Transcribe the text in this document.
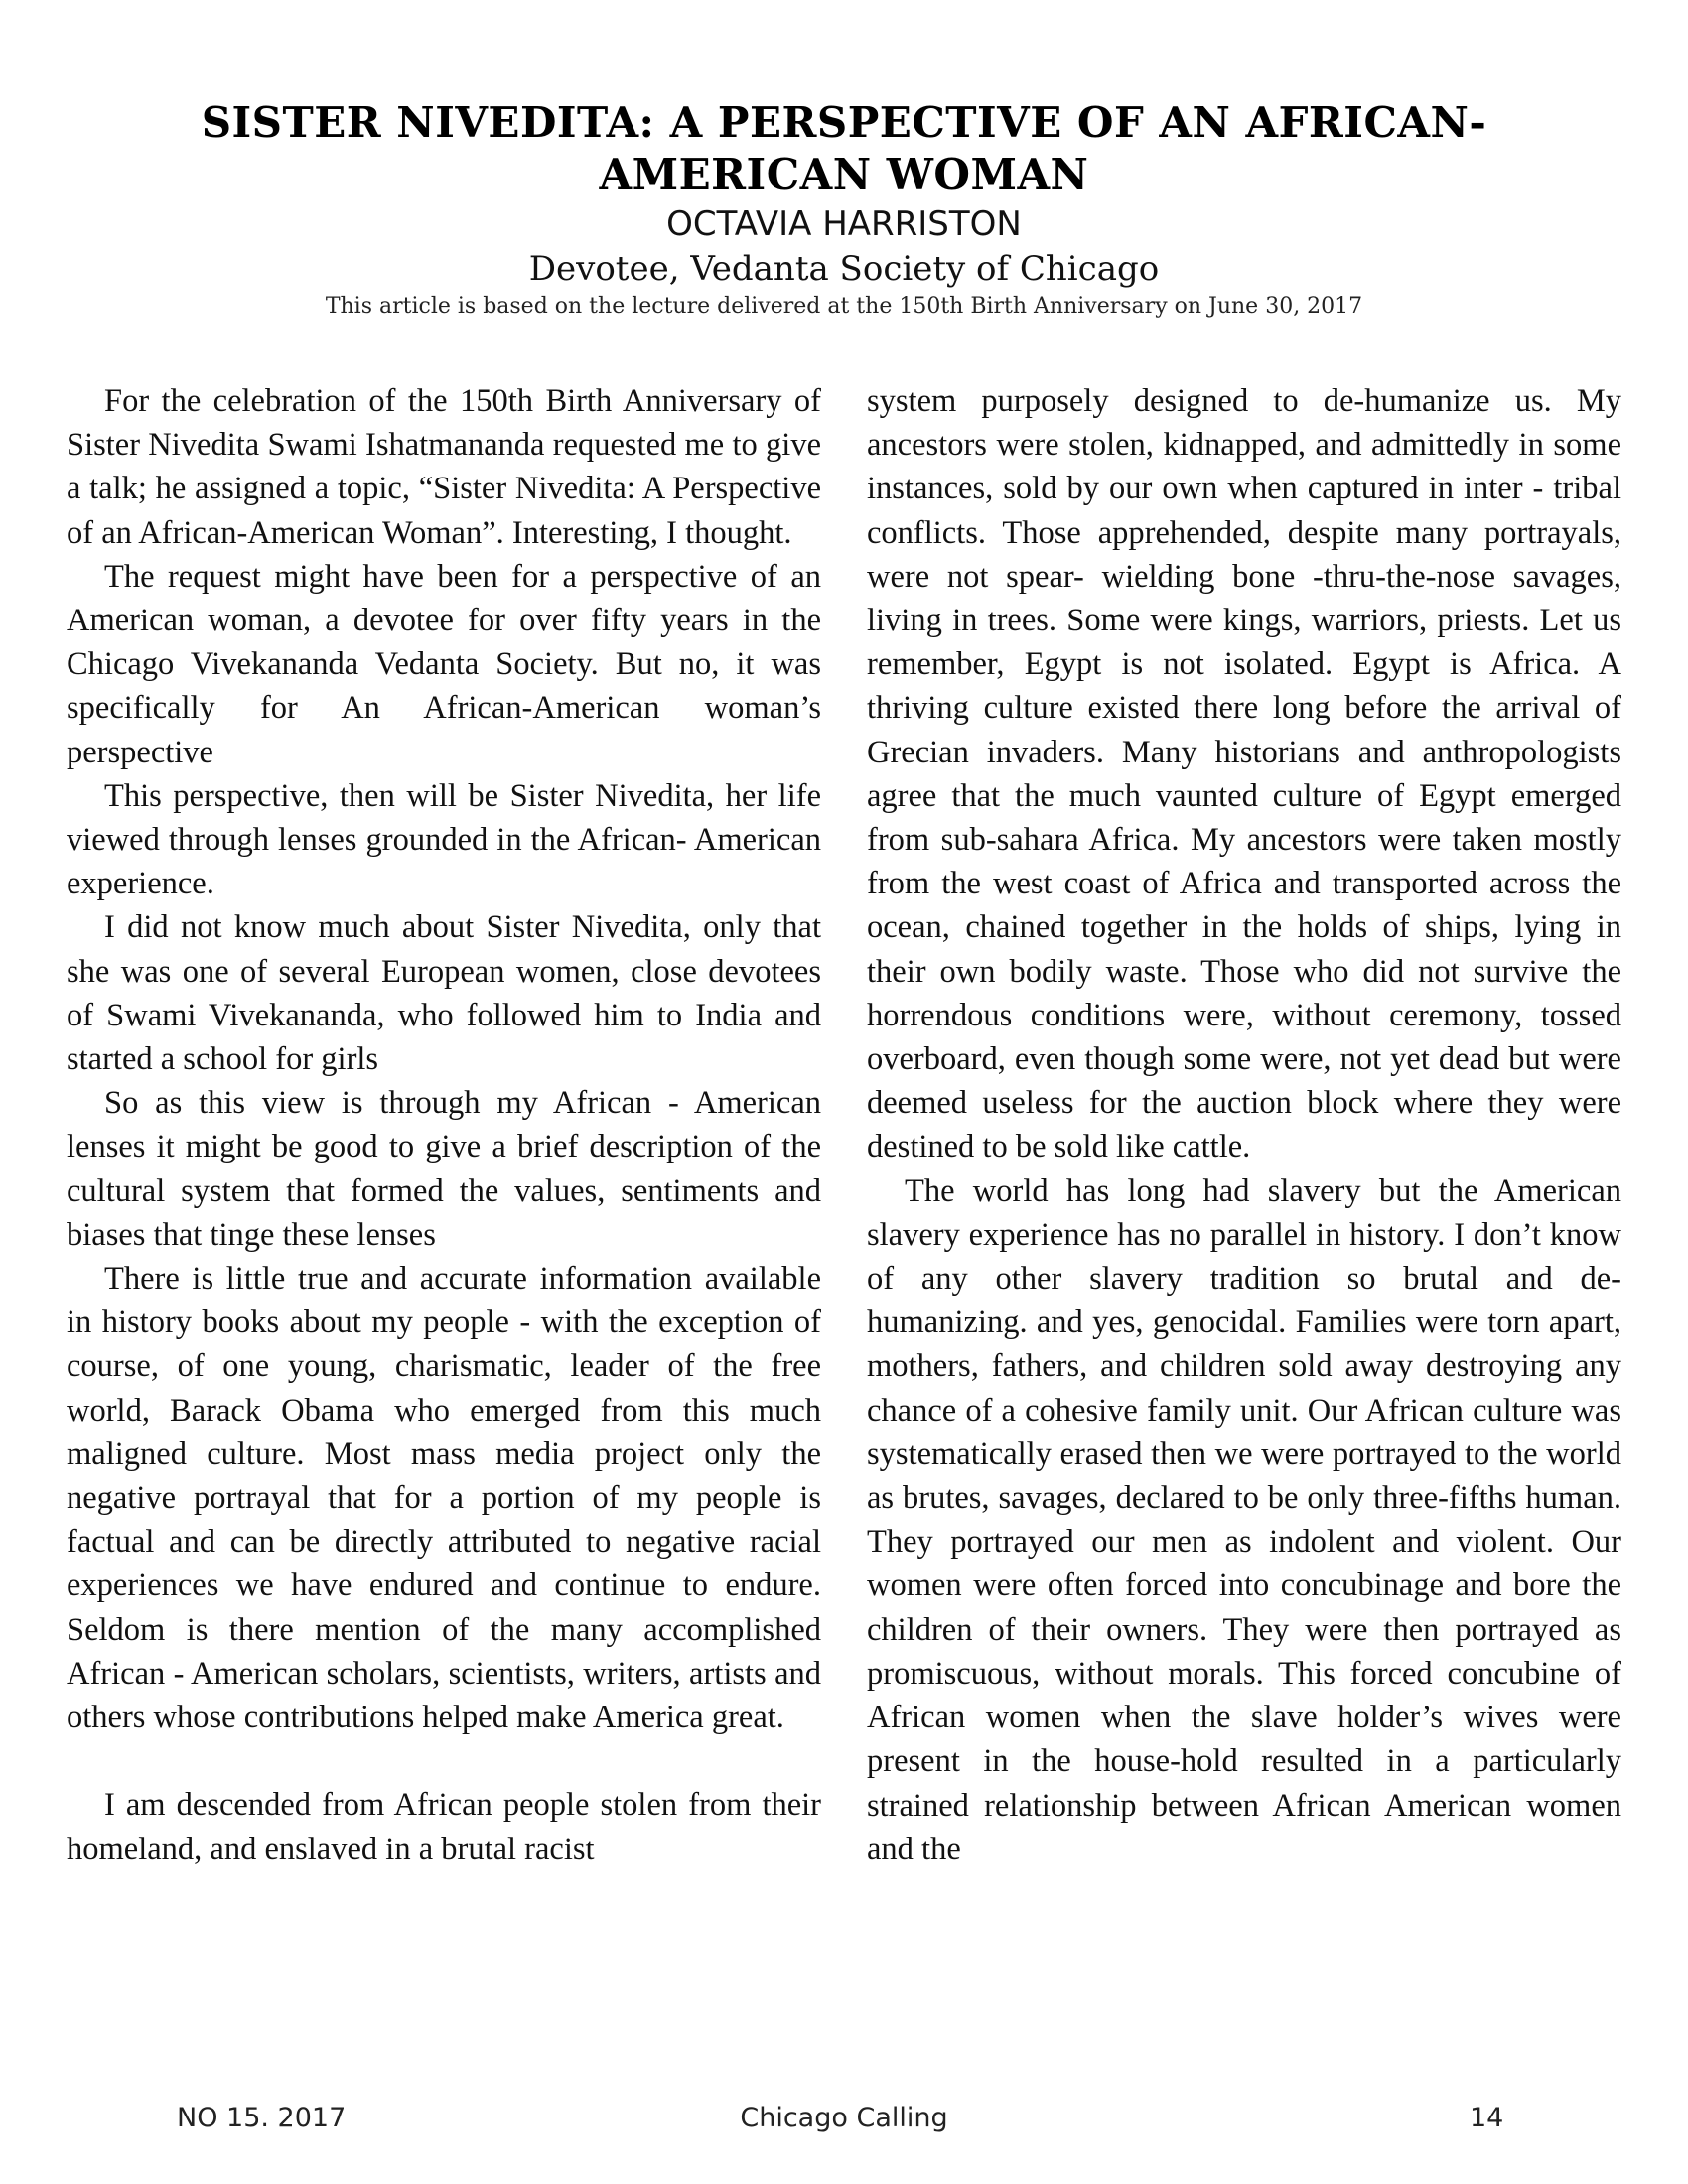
SISTER NIVEDITA: A PERSPECTIVE OF AN AFRICAN-AMERICAN WOMAN
OCTAVIA HARRISTON
Devotee, Vedanta Society of Chicago
This article is based on the lecture delivered at the 150th Birth Anniversary on June 30, 2017

For the celebration of the 150th Birth Anniversary of Sister Nivedita Swami Ishatmananda requested me to give a talk; he assigned a topic, “Sister Nivedita: A Perspective of an African-American Woman”. Interesting, I thought.

The request might have been for a perspective of an American woman, a devotee for over fifty years in the Chicago Vivekananda Vedanta Society. But no, it was specifically for An African-American woman’s perspective

This perspective, then will be Sister Nivedita, her life viewed through lenses grounded in the African- American experience.

I did not know much about Sister Nivedita, only that she was one of several European women, close devotees of Swami Vivekananda, who followed him to India and started a school for girls

So as this view is through my African - American lenses it might be good to give a brief description of the cultural system that formed the values, sentiments and biases that tinge these lenses

There is little true and accurate information available in history books about my people - with the exception of course, of one young, charismatic, leader of the free world, Barack Obama who emerged from this much maligned culture. Most mass media project only the negative portrayal that for a portion of my people is factual and can be directly attributed to negative racial experiences we have endured and continue to endure. Seldom is there mention of the many accomplished African - American scholars, scientists, writers, artists and others whose contributions helped make America great.

I am descended from African people stolen from their homeland, and enslaved in a brutal racist

system purposely designed to de-humanize us. My ancestors were stolen, kidnapped, and admittedly in some instances, sold by our own when captured in inter - tribal conflicts. Those apprehended, despite many portrayals, were not spear- wielding bone -thru-the-nose savages, living in trees. Some were kings, warriors, priests. Let us remember, Egypt is not isolated. Egypt is Africa. A thriving culture existed there long before the arrival of Grecian invaders. Many historians and anthropologists agree that the much vaunted culture of Egypt emerged from sub-sahara Africa. My ancestors were taken mostly from the west coast of Africa and transported across the ocean, chained together in the holds of ships, lying in their own bodily waste. Those who did not survive the horrendous conditions were, without ceremony, tossed overboard, even though some were, not yet dead but were deemed useless for the auction block where they were destined to be sold like cattle.

The world has long had slavery but the American slavery experience has no parallel in history. I don’t know of any other slavery tradition so brutal and de-humanizing. and yes, genocidal. Families were torn apart, mothers, fathers, and children sold away destroying any chance of a cohesive family unit. Our African culture was systematically erased then we were portrayed to the world as brutes, savages, declared to be only three-fifths human. They portrayed our men as indolent and violent. Our women were often forced into concubinage and bore the children of their owners. They were then portrayed as promiscuous, without morals. This forced concubine of African women when the slave holder’s wives were present in the house-hold resulted in a particularly strained relationship between African American women and the

NO 15. 2017	Chicago Calling	14
